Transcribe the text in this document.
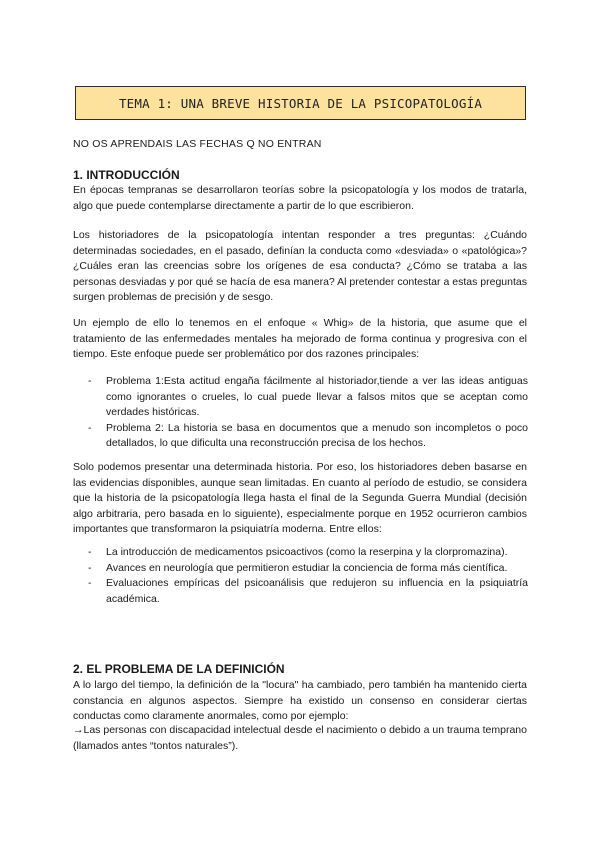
TEMA 1: UNA BREVE HISTORIA DE LA PSICOPATOLOGÍA
NO OS APRENDAIS LAS FECHAS Q NO ENTRAN
1. INTRODUCCIÓN

En épocas tempranas se desarrollaron teorías sobre la psicopatología y los modos de tratarla, algo que puede contemplarse directamente a partir de lo que escribieron.

Los historiadores de la psicopatología intentan responder a tres preguntas: ¿Cuándo determinadas sociedades, en el pasado, definían la conducta como «desviada» o «patológica»? ¿Cuáles eran las creencias sobre los orígenes de esa conducta? ¿Cómo se trataba a las personas desviadas y por qué se hacía de esa manera? Al pretender contestar a estas preguntas surgen problemas de precisión y de sesgo.

Un ejemplo de ello lo tenemos en el enfoque « Whig» de la historia, que asume que el tratamiento de las enfermedades mentales ha mejorado de forma continua y progresiva con el tiempo. Este enfoque puede ser problemático por dos razones principales:

- Problema 1:Esta actitud engaña fácilmente al historiador,tiende a ver las ideas antiguas como ignorantes o crueles, lo cual puede llevar a falsos mitos que se aceptan como verdades históricas.
- Problema 2: La historia se basa en documentos que a menudo son incompletos o poco detallados, lo que dificulta una reconstrucción precisa de los hechos.

Solo podemos presentar una determinada historia. Por eso, los historiadores deben basarse en las evidencias disponibles, aunque sean limitadas. En cuanto al período de estudio, se considera que la historia de la psicopatología llega hasta el final de la Segunda Guerra Mundial (decisión algo arbitraria, pero basada en lo siguiente), especialmente porque en 1952 ocurrieron cambios importantes que transformaron la psiquiatría moderna. Entre ellos:

- La introducción de medicamentos psicoactivos (como la reserpina y la clorpromazina).
- Avances en neurología que permitieron estudiar la conciencia de forma más científica.
- Evaluaciones empíricas del psicoanálisis que redujeron su influencia en la psiquiatría académica.
2. EL PROBLEMA DE LA DEFINICIÓN

A lo largo del tiempo, la definición de la "locura" ha cambiado, pero también ha mantenido cierta constancia en algunos aspectos. Siempre ha existido un consenso en considerar ciertas conductas como claramente anormales, como por ejemplo:

→Las personas con discapacidad intelectual desde el nacimiento o debido a un trauma temprano (llamados antes “tontos naturales”).
